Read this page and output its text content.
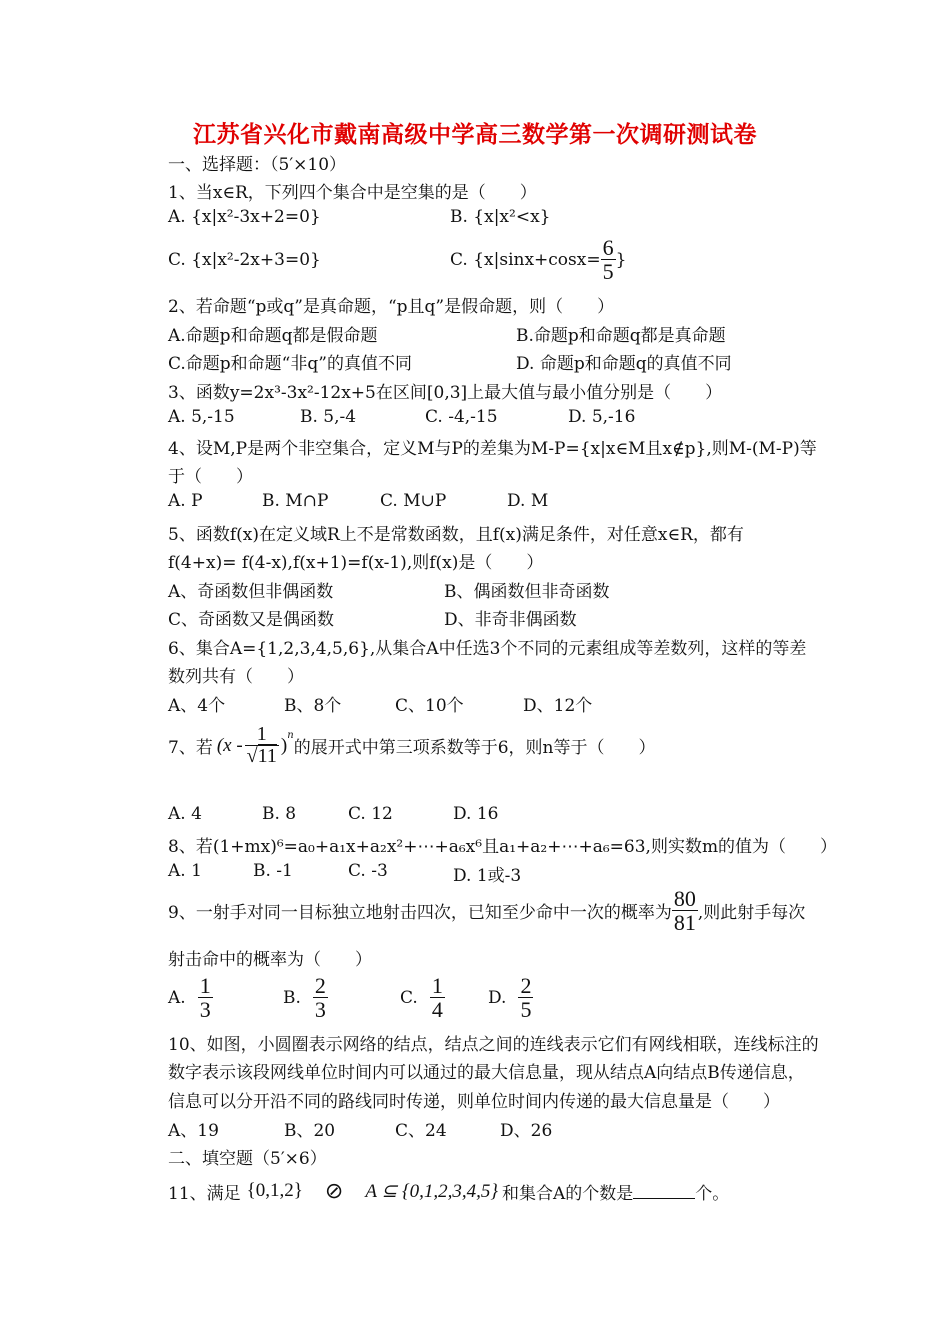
江苏省兴化市戴南高级中学高三数学第一次调研测试卷
一、选择题：（5′×10）
1、当x∈R，下列四个集合中是空集的是（　　）
A. {x|x²-3x+2=0}	B. {x|x²<x}
C. {x|x²-2x+3=0}	C. {$x|\sin x+\cos x= \frac{6}{5}$ }
2、若命题“p或q”是真命题，“p且q”是假命题，则（　　）
A.命题p和命题q都是假命题	B.命题p和命题q都是真命题
C.命题p和命题“非q”的真值不同	D. 命题p和命题q的真值不同
3、函数y=2x³-3x²-12x+5在区间[0,3]上最大值与最小值分别是（　　）
A. 5,-15	B. 5,-4	C. -4,-15	D. 5,-16
4、设M,P是两个非空集合，定义M与P的差集为M-P={x|x∈M且x∉p},则M-(M-P)等
于（　　）
A. P	B. M∩P	C. M∪P	D. M
5、函数f(x)在定义域R上不是常数函数，且f(x)满足条件，对任意x∈R，都有
f(4+x)= f(4-x),f(x+1)=f(x-1),则f(x)是（　　）
A、奇函数但非偶函数	B、偶函数但非奇函数
C、奇函数又是偶函数	D、非奇非偶函数
6、集合A={1,2,3,4,5,6},从集合A中任选3个不同的元素组成等差数列，这样的等差
数列共有（　　）
A、4个	B、8个	C、10个	D、12个
7、若 $(x - \frac{1}{√11} )^n$
的展开式中第三项系数等于6，则n等于（　　）
A. 4	B. 8	C. 12	D. 16
8、若(1+mx)⁶=a₀+a₁x+a₂x²+⋯+a₆x⁶且a₁+a₂+⋯+a₆=63,则实数m的值为（　　）
A. 1	B. -1	C. -3	D. 1或-3
9、一射手对同一目标独立地射击四次，已知至少命中一次的概率为 $\frac{80}{81}$ ,则此射手每次
射击命中的概率为（　　）
A. $\frac{1}{3}$	B. $\frac{2}{3}$	C. $\frac{1}{4}$	D. $\frac{2}{5}$
10、如图，小圆圈表示网络的结点，结点之间的连线表示它们有网线相联，连线标注的
数字表示该段网线单位时间内可以通过的最大信息量，现从结点A向结点B传递信息，
信息可以分开沿不同的路线同时传递，则单位时间内传递的最大信息量是（　　）
A、19	B、20	C、24	D、26
二、填空题（5′×6）
11、满足 {0,1,2} ⊘ A ⊆ {0,1,2,3,4,5} 和集合A的个数是	个。
